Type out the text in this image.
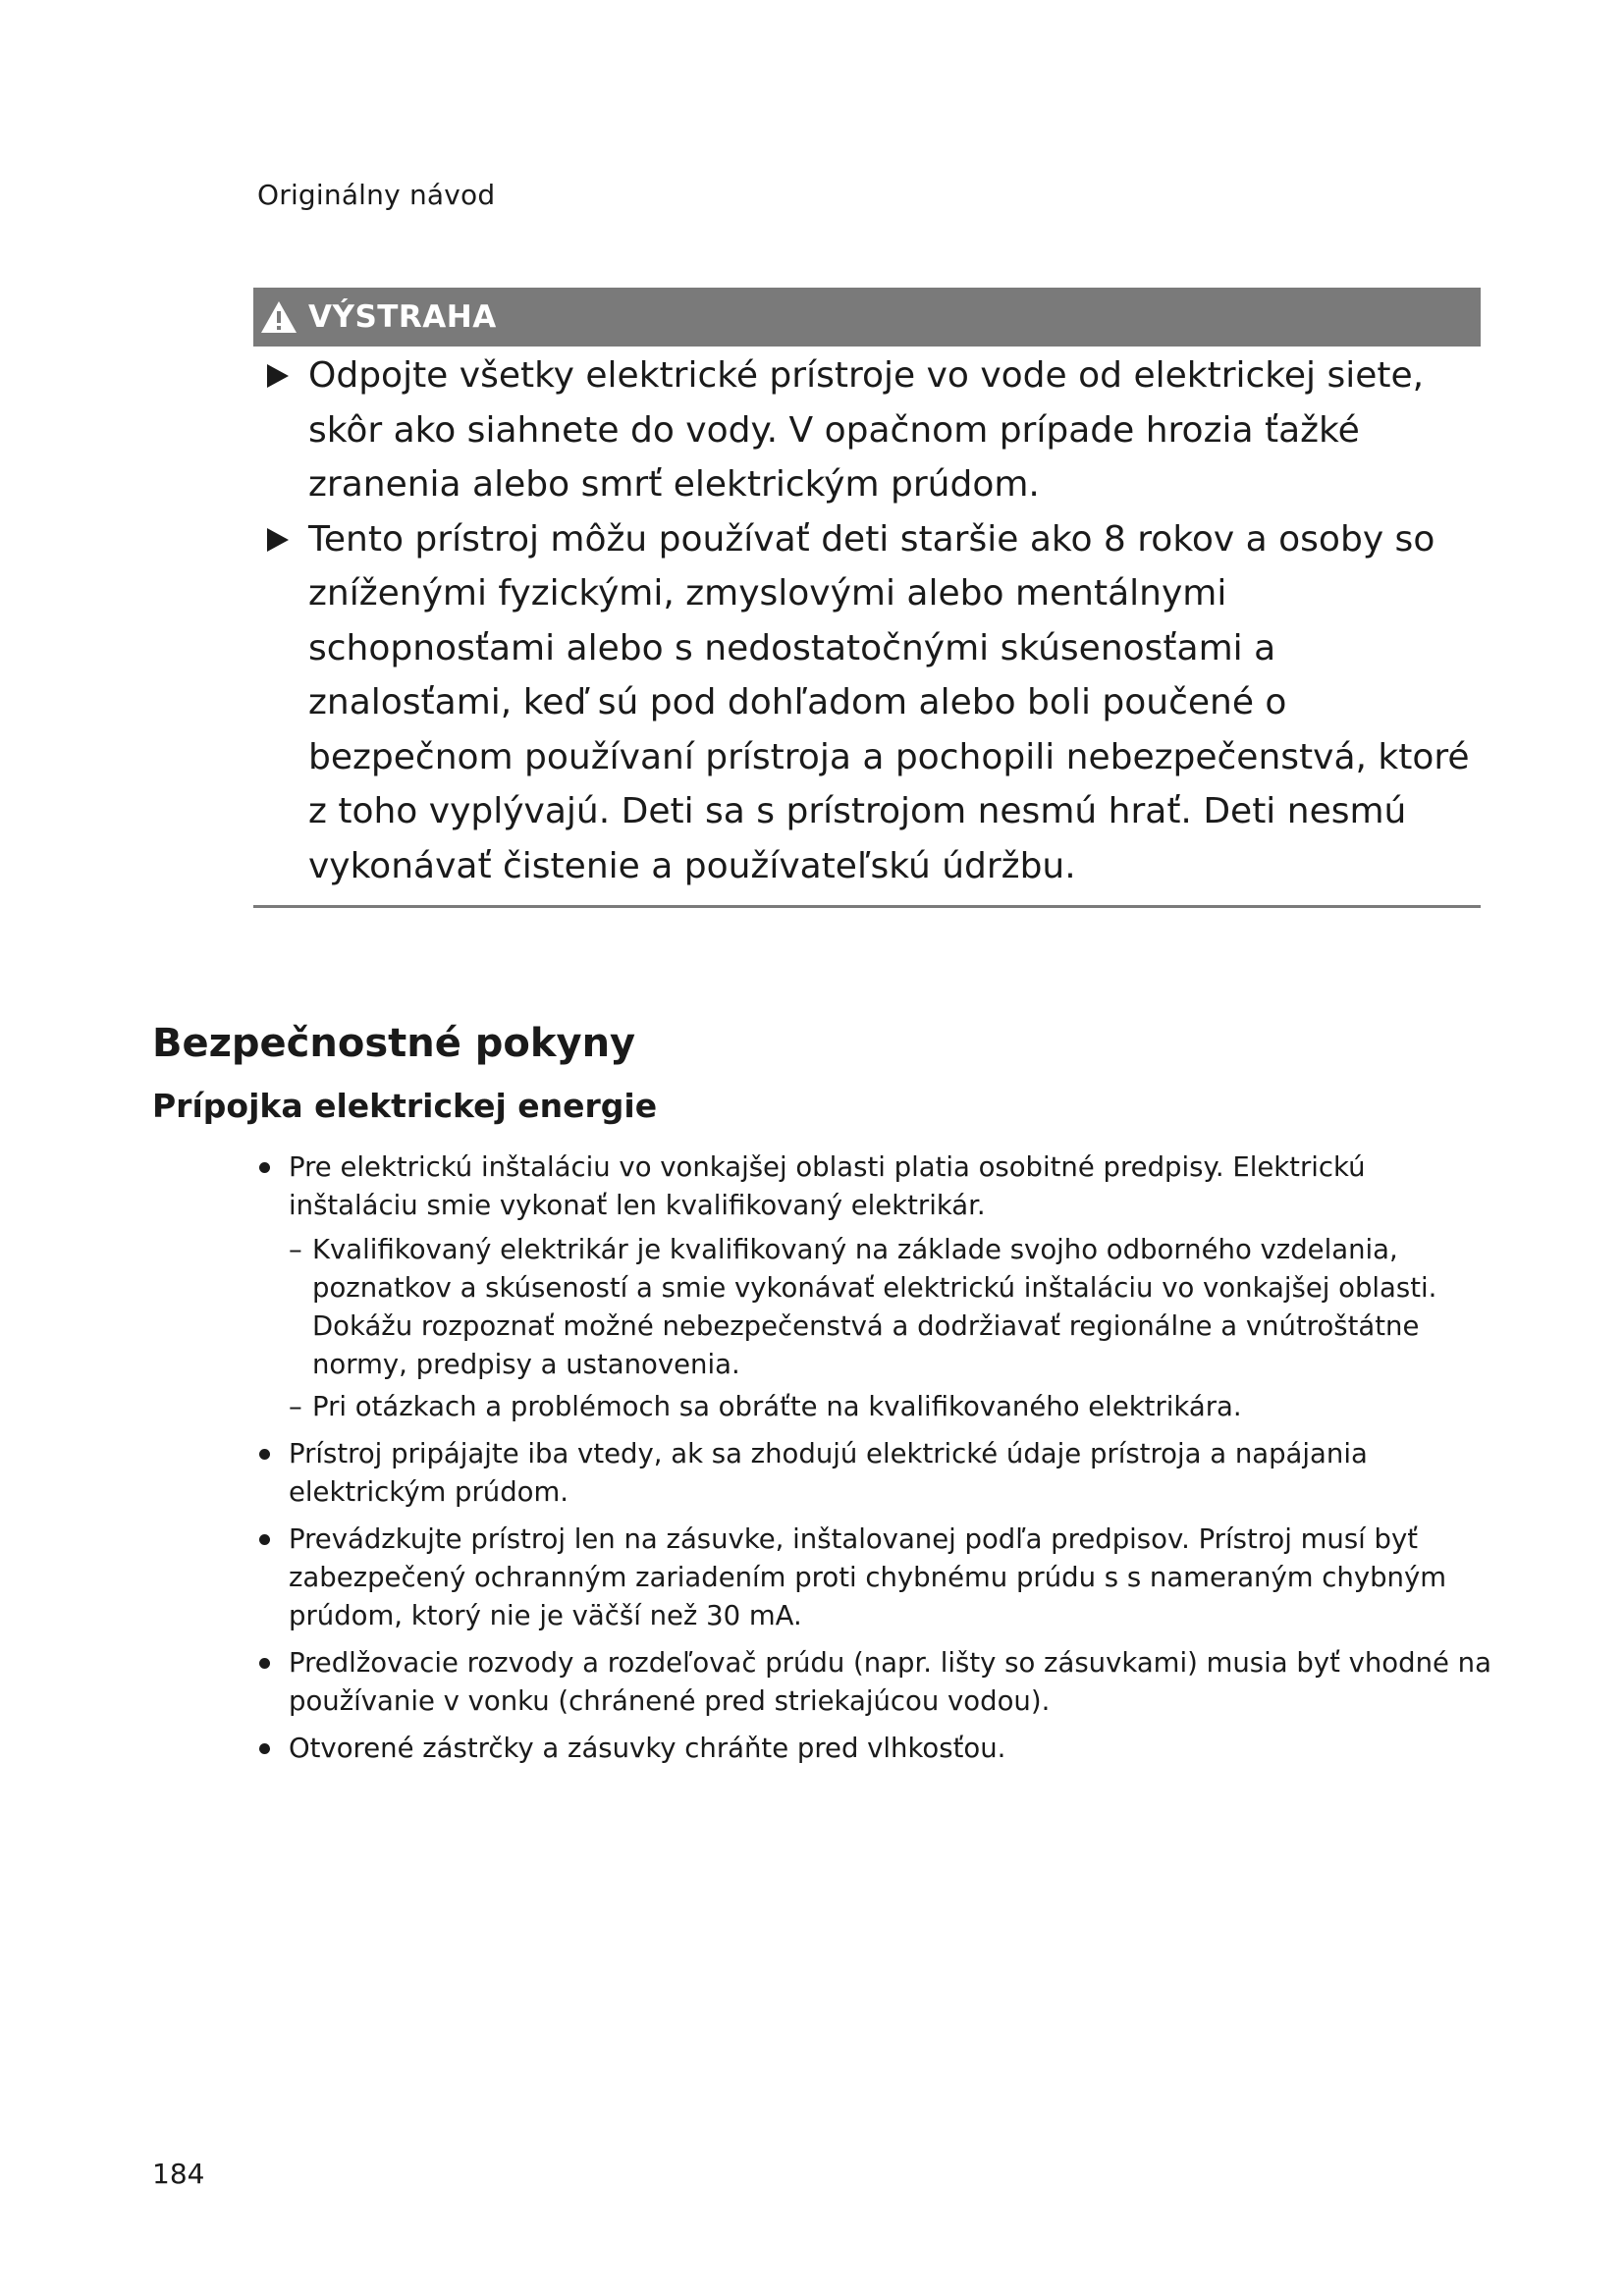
Originálny návod
VÝSTRAHA
Odpojte všetky elektrické prístroje vo vode od elektrickej siete, skôr ako siahnete do vody. V opačnom prípade hrozia ťažké zranenia alebo smrť elektrickým prúdom.
Tento prístroj môžu používať deti staršie ako 8 rokov a osoby so zníženými fyzickými, zmyslovými alebo mentálnymi schopnosťami alebo s nedostatočnými skúsenosťami a znalosťami, keď sú pod dohľadom alebo boli poučené o bezpečnom používaní prístroja a pochopili nebezpečenstvá, ktoré z toho vyplývajú. Deti sa s prístrojom nesmú hrať. Deti nesmú vykonávať čistenie a používateľskú údržbu.
Bezpečnostné pokyny
Prípojka elektrickej energie
Pre elektrickú inštaláciu vo vonkajšej oblasti platia osobitné predpisy. Elektrickú inštaláciu smie vykonať len kvalifikovaný elektrikár.
– Kvalifikovaný elektrikár je kvalifikovaný na základe svojho odborného vzdelania, poznatkov a skúseností a smie vykonávať elektrickú inštaláciu vo vonkajšej oblasti. Dokážu rozpoznať možné nebezpečenstvá a dodržiavať regionálne a vnútroštátne normy, predpisy a ustanovenia.
– Pri otázkach a problémoch sa obráťte na kvalifikovaného elektrikára.
Prístroj pripájajte iba vtedy, ak sa zhodujú elektrické údaje prístroja a napájania elektrickým prúdom.
Prevádzkujte prístroj len na zásuvke, inštalovanej podľa predpisov. Prístroj musí byť zabezpečený ochranným zariadením proti chybnému prúdu s s nameraným chybným prúdom, ktorý nie je väčší než 30 mA.
Predlžovacie rozvody a rozdeľovač prúdu (napr. lišty so zásuvkami) musia byť vhodné na používanie v vonku (chránené pred striekajúcou vodou).
Otvorené zástrčky a zásuvky chráňte pred vlhkosťou.
184
